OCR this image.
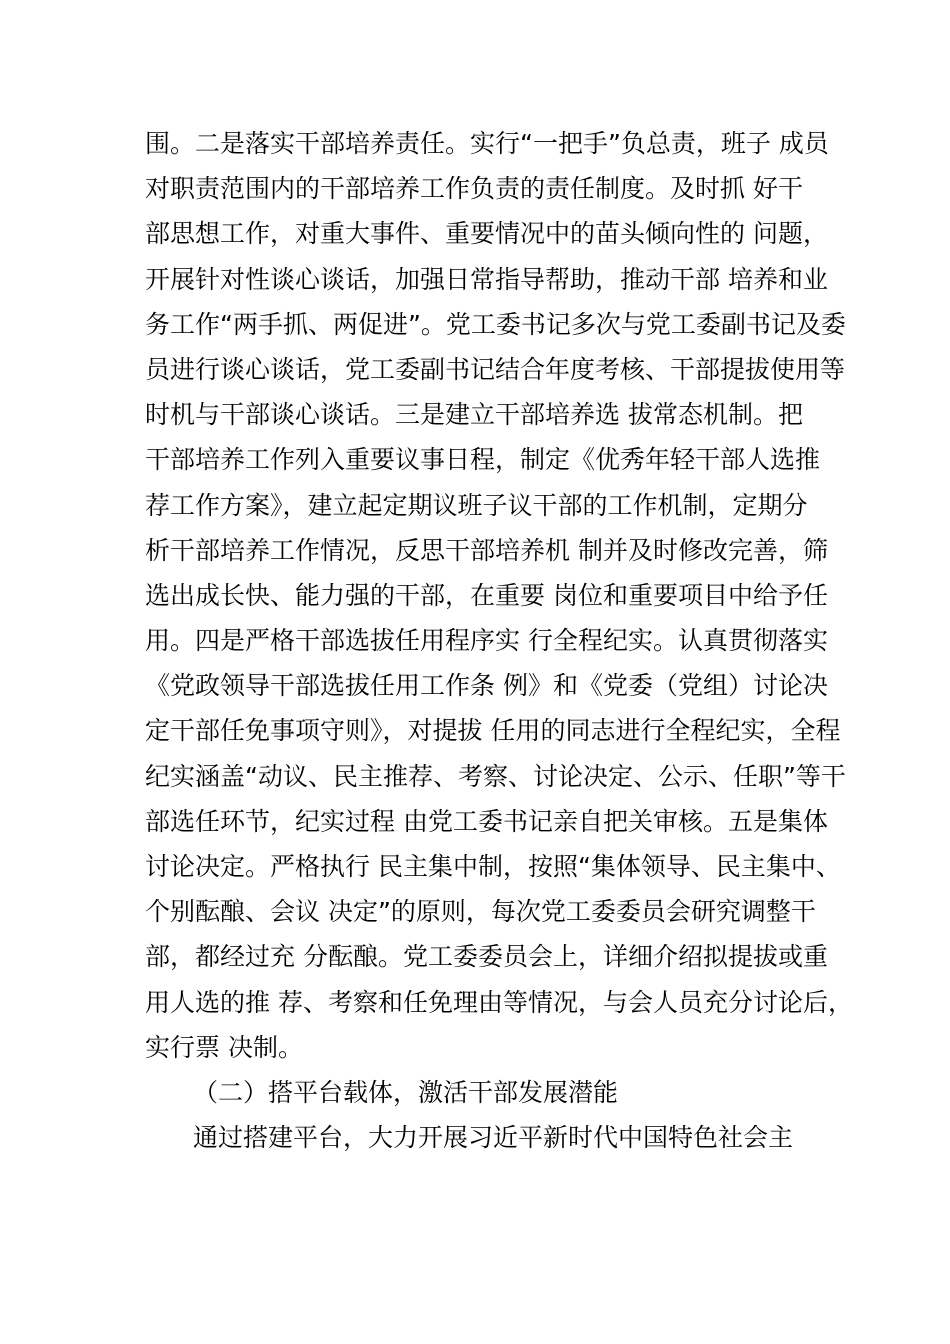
围。二是落实干部培养责任。实行“一把手”负总责，班子 成员
对职责范围内的干部培养工作负责的责任制度。及时抓 好干
部思想工作，对重大事件、重要情况中的苗头倾向性的 问题，
开展针对性谈心谈话，加强日常指导帮助，推动干部 培养和业
务工作“两手抓、两促进”。党工委书记多次与党工委副书记及委
员进行谈心谈话，党工委副书记结合年度考核、干部提拔使用等
时机与干部谈心谈话。三是建立干部培养选 拔常态机制。把
干部培养工作列入重要议事日程，制定《优秀年轻干部人选推
荐工作方案》，建立起定期议班子议干部的工作机制，定期分
析干部培养工作情况，反思干部培养机 制并及时修改完善，筛
选出成长快、能力强的干部，在重要 岗位和重要项目中给予任
用。四是严格干部选拔任用程序实 行全程纪实。认真贯彻落实
《党政领导干部选拔任用工作条 例》和《党委（党组）讨论决
定干部任免事项守则》，对提拔 任用的同志进行全程纪实，全程
纪实涵盖“动议、民主推荐、考察、讨论决定、公示、任职”等干
部选任环节，纪实过程 由党工委书记亲自把关审核。五是集体
讨论决定。严格执行 民主集中制，按照“集体领导、民主集中、
个别酝酿、会议 决定”的原则，每次党工委委员会研究调整干
部，都经过充 分酝酿。党工委委员会上，详细介绍拟提拔或重
用人选的推 荐、考察和任免理由等情况，与会人员充分讨论后，
实行票 决制。
（二）搭平台载体，激活干部发展潜能
通过搭建平台，大力开展习近平新时代中国特色社会主
